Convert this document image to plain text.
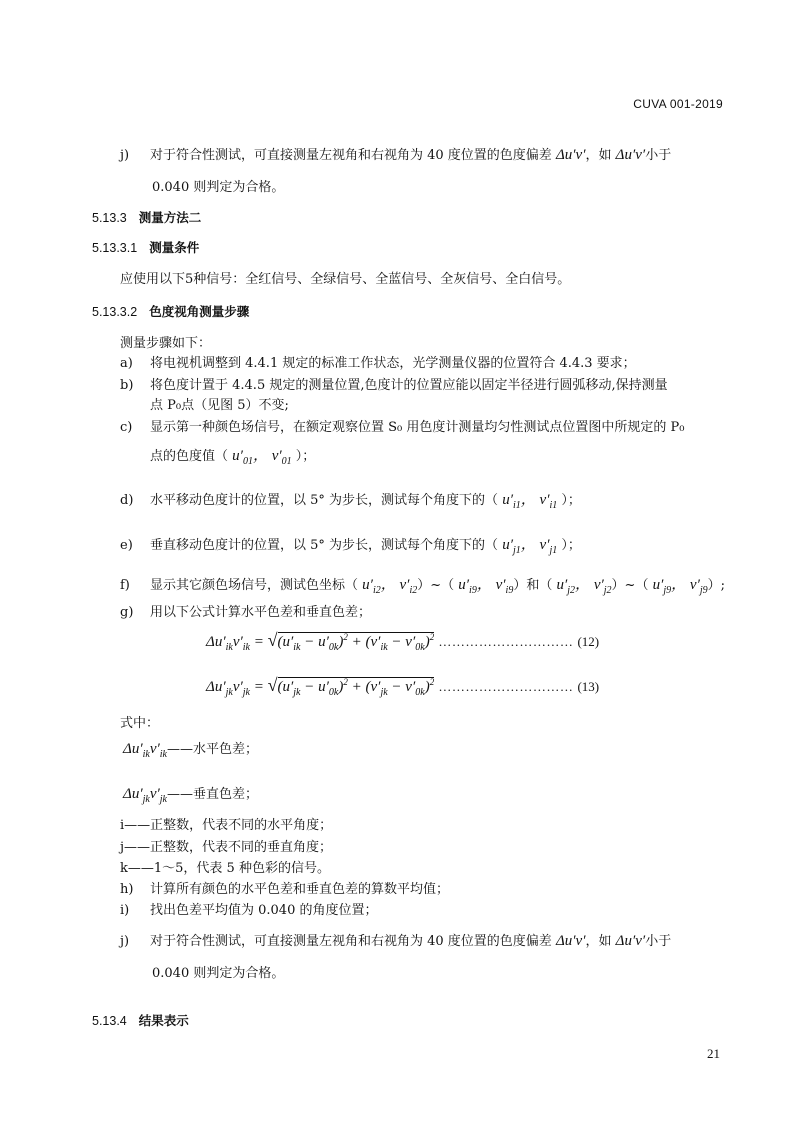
CUVA 001-2019
j) 对于符合性测试，可直接测量左视角和右视角为 40 度位置的色度偏差 Δu′v′，如 Δu′v′小于
0.040 则判定为合格。
5.13.3 测量方法二
5.13.3.1 测量条件
应使用以下5种信号：全红信号、全绿信号、全蓝信号、全灰信号、全白信号。
5.13.3.2 色度视角测量步骤
测量步骤如下：
a) 将电视机调整到 4.4.1 规定的标准工作状态，光学测量仪器的位置符合 4.4.3 要求；
b) 将色度计置于 4.4.5 规定的测量位置,色度计的位置应能以固定半径进行圆弧移动,保持测量
点 P₀点（见图 5）不变;
c) 显示第一种颜色场信号，在额定观察位置 S₀ 用色度计测量均匀性测试点位置图中所规定的 P₀
点的色度值（ $u'_{01}$， $v'_{01}$ ）；
d) 水平移动色度计的位置，以 5° 为步长，测试每个角度下的（ $u'_{i1}$， $v'_{i1}$ ）；
e) 垂直移动色度计的位置，以 5° 为步长，测试每个角度下的（ $u'_{j1}$， $v'_{j1}$ ）；
f) 显示其它颜色场信号，测试色坐标（ $u'_{i2}$， $v'_{i2})\sim$（ $u'_{i9}$， $v'_{i9}$）和（ $u'_{j2}$， $v'_{j2})\sim$（ $u'_{j9}$， $v'_{j9}$）;
g) 用以下公式计算水平色差和垂直色差；
$\Delta u'_{ik}v'_{ik} = √(u'_{ik} - u'_{0k})^2 + (v'_{ik} - v'_{0k})^2$ ………………………… (12)
$\Delta u'_{jk}v'_{jk} = √(u'_{jk} - u'_{0k})^2 + (v'_{jk} - v'_{0k})^2$ ………………………… (13)
式中：
$\Delta u'_{ik}v'_{ik}——$水平色差；
$\Delta u'_{jk}v'_{jk}——$垂直色差；
i——正整数，代表不同的水平角度；
j——正整数，代表不同的垂直角度；
k——1～5，代表 5 种色彩的信号。
h) 计算所有颜色的水平色差和垂直色差的算数平均值；
i) 找出色差平均值为 0.040 的角度位置；
j) 对于符合性测试，可直接测量左视角和右视角为 40 度位置的色度偏差 Δu′v′，如 Δu′v′小于
0.040 则判定为合格。
5.13.4 结果表示
21
